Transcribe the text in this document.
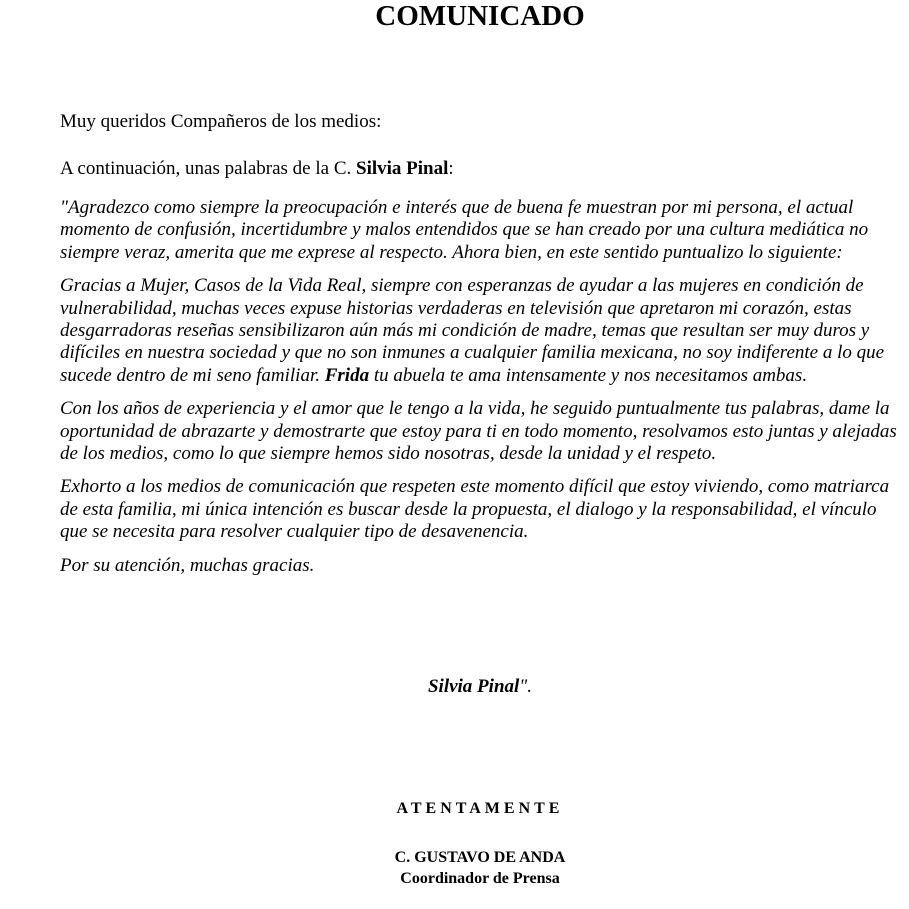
COMUNICADO

Muy queridos Compañeros de los medios:

A continuación, unas palabras de la C. Silvia Pinal:

"Agradezco como siempre la preocupación e interés que de buena fe muestran por mi persona, el actual momento de confusión, incertidumbre y malos entendidos que se han creado por una cultura mediática no siempre veraz, amerita que me exprese al respecto. Ahora bien, en este sentido puntualizo lo siguiente:

Gracias a Mujer, Casos de la Vida Real, siempre con esperanzas de ayudar a las mujeres en condición de vulnerabilidad, muchas veces expuse historias verdaderas en televisión que apretaron mi corazón, estas desgarradoras reseñas sensibilizaron aún más mi condición de madre, temas que resultan ser muy duros y difíciles en nuestra sociedad y que no son inmunes a cualquier familia mexicana, no soy indiferente a lo que sucede dentro de mi seno familiar. Frida tu abuela te ama intensamente y nos necesitamos ambas.

Con los años de experiencia y el amor que le tengo a la vida, he seguido puntualmente tus palabras, dame la oportunidad de abrazarte y demostrarte que estoy para ti en todo momento, resolvamos esto juntas y alejadas de los medios, como lo que siempre hemos sido nosotras, desde la unidad y el respeto.

Exhorto a los medios de comunicación que respeten este momento difícil que estoy viviendo, como matriarca de esta familia, mi única intención es buscar desde la propuesta, el dialogo y la responsabilidad, el vínculo que se necesita para resolver cualquier tipo de desavenencia.

Por su atención, muchas gracias.

Silvia Pinal".

ATENTAMENTE

C. GUSTAVO DE ANDA

Coordinador de Prensa
